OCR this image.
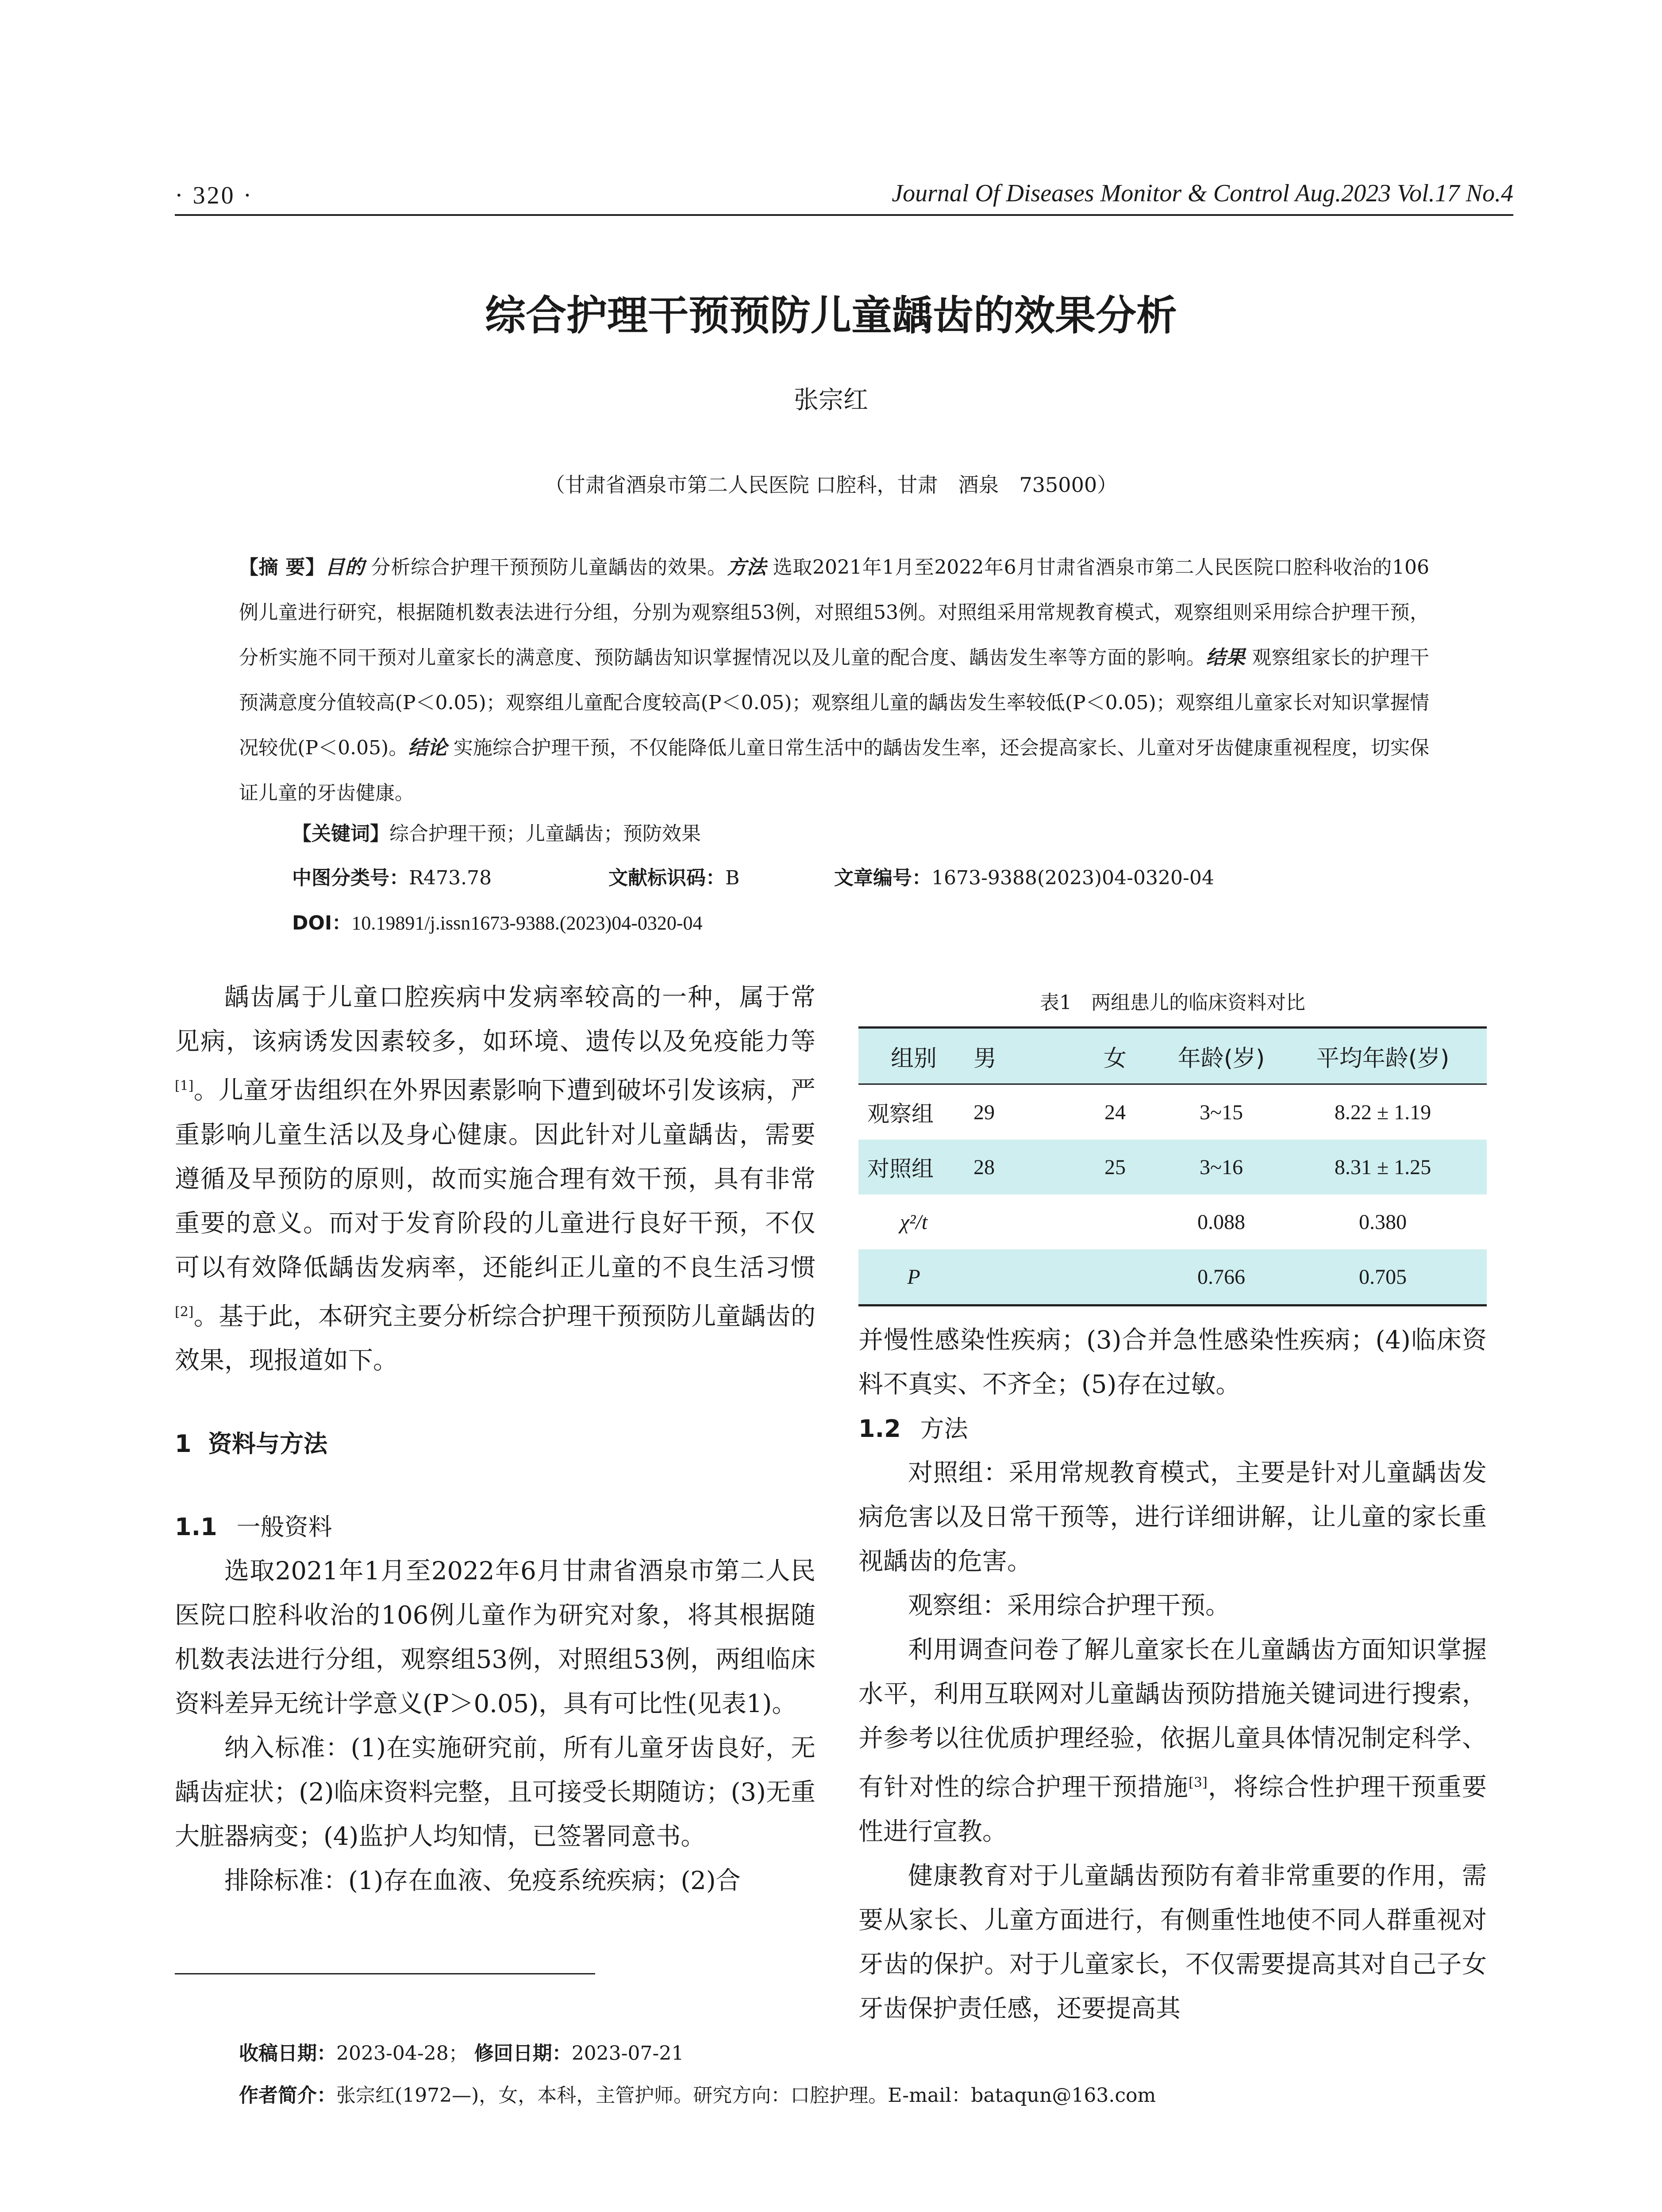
· 320 ·	Journal Of Diseases Monitor & Control Aug.2023 Vol.17 No.4
综合护理干预预防儿童龋齿的效果分析
张宗红
（甘肃省酒泉市第二人民医院 口腔科，甘肃　酒泉　735000）
【摘 要】目的 分析综合护理干预预防儿童龋齿的效果。方法 选取2021年1月至2022年6月甘肃省酒泉市第二人民医院口腔科收治的106例儿童进行研究，根据随机数表法进行分组，分别为观察组53例，对照组53例。对照组采用常规教育模式，观察组则采用综合护理干预，分析实施不同干预对儿童家长的满意度、预防龋齿知识掌握情况以及儿童的配合度、龋齿发生率等方面的影响。结果 观察组家长的护理干预满意度分值较高(P＜0.05)；观察组儿童配合度较高(P＜0.05)；观察组儿童的龋齿发生率较低(P＜0.05)；观察组儿童家长对知识掌握情况较优(P＜0.05)。结论 实施综合护理干预，不仅能降低儿童日常生活中的龋齿发生率，还会提高家长、儿童对牙齿健康重视程度，切实保证儿童的牙齿健康。
【关键词】综合护理干预；儿童龋齿；预防效果
中图分类号：R473.78	文献标识码：B	文章编号：1673-9388(2023)04-0320-04
DOI：10.19891/j.issn1673-9388.(2023)04-0320-04

龋齿属于儿童口腔疾病中发病率较高的一种，属于常见病，该病诱发因素较多，如环境、遗传以及免疫能力等[1]。儿童牙齿组织在外界因素影响下遭到破坏引发该病，严重影响儿童生活以及身心健康。因此针对儿童龋齿，需要遵循及早预防的原则，故而实施合理有效干预，具有非常重要的意义。而对于发育阶段的儿童进行良好干预，不仅可以有效降低龋齿发病率，还能纠正儿童的不良生活习惯[2]。基于此，本研究主要分析综合护理干预预防儿童龋齿的效果，现报道如下。

1 资料与方法

1.1 一般资料

选取2021年1月至2022年6月甘肃省酒泉市第二人民医院口腔科收治的106例儿童作为研究对象，将其根据随机数表法进行分组，观察组53例，对照组53例，两组临床资料差异无统计学意义(P＞0.05)，具有可比性(见表1)。

纳入标准：(1)在实施研究前，所有儿童牙齿良好，无龋齿症状；(2)临床资料完整，且可接受长期随访；(3)无重大脏器病变；(4)监护人均知情，已签署同意书。

排除标准：(1)存在血液、免疫系统疾病；(2)合

表1　两组患儿的临床资料对比
组别	男	女	年龄(岁)	平均年龄(岁)
观察组	29	24	3~15	8.22 ± 1.19
对照组	28	25	3~16	8.31 ± 1.25
χ²/t			0.088	0.380
P			0.766	0.705

并慢性感染性疾病；(3)合并急性感染性疾病；(4)临床资料不真实、不齐全；(5)存在过敏。

1.2 方法

对照组：采用常规教育模式，主要是针对儿童龋齿发病危害以及日常干预等，进行详细讲解，让儿童的家长重视龋齿的危害。

观察组：采用综合护理干预。

利用调查问卷了解儿童家长在儿童龋齿方面知识掌握水平，利用互联网对儿童龋齿预防措施关键词进行搜索，并参考以往优质护理经验，依据儿童具体情况制定科学、有针对性的综合护理干预措施[3]，将综合性护理干预重要性进行宣教。

健康教育对于儿童龋齿预防有着非常重要的作用，需要从家长、儿童方面进行，有侧重性地使不同人群重视对牙齿的保护。对于儿童家长，不仅需要提高其对自己子女牙齿保护责任感，还要提高其

收稿日期：2023-04-28； 修回日期：2023-07-21
作者简介：张宗红(1972—)，女，本科，主管护师。研究方向：口腔护理。E-mail：bataqun@163.com
